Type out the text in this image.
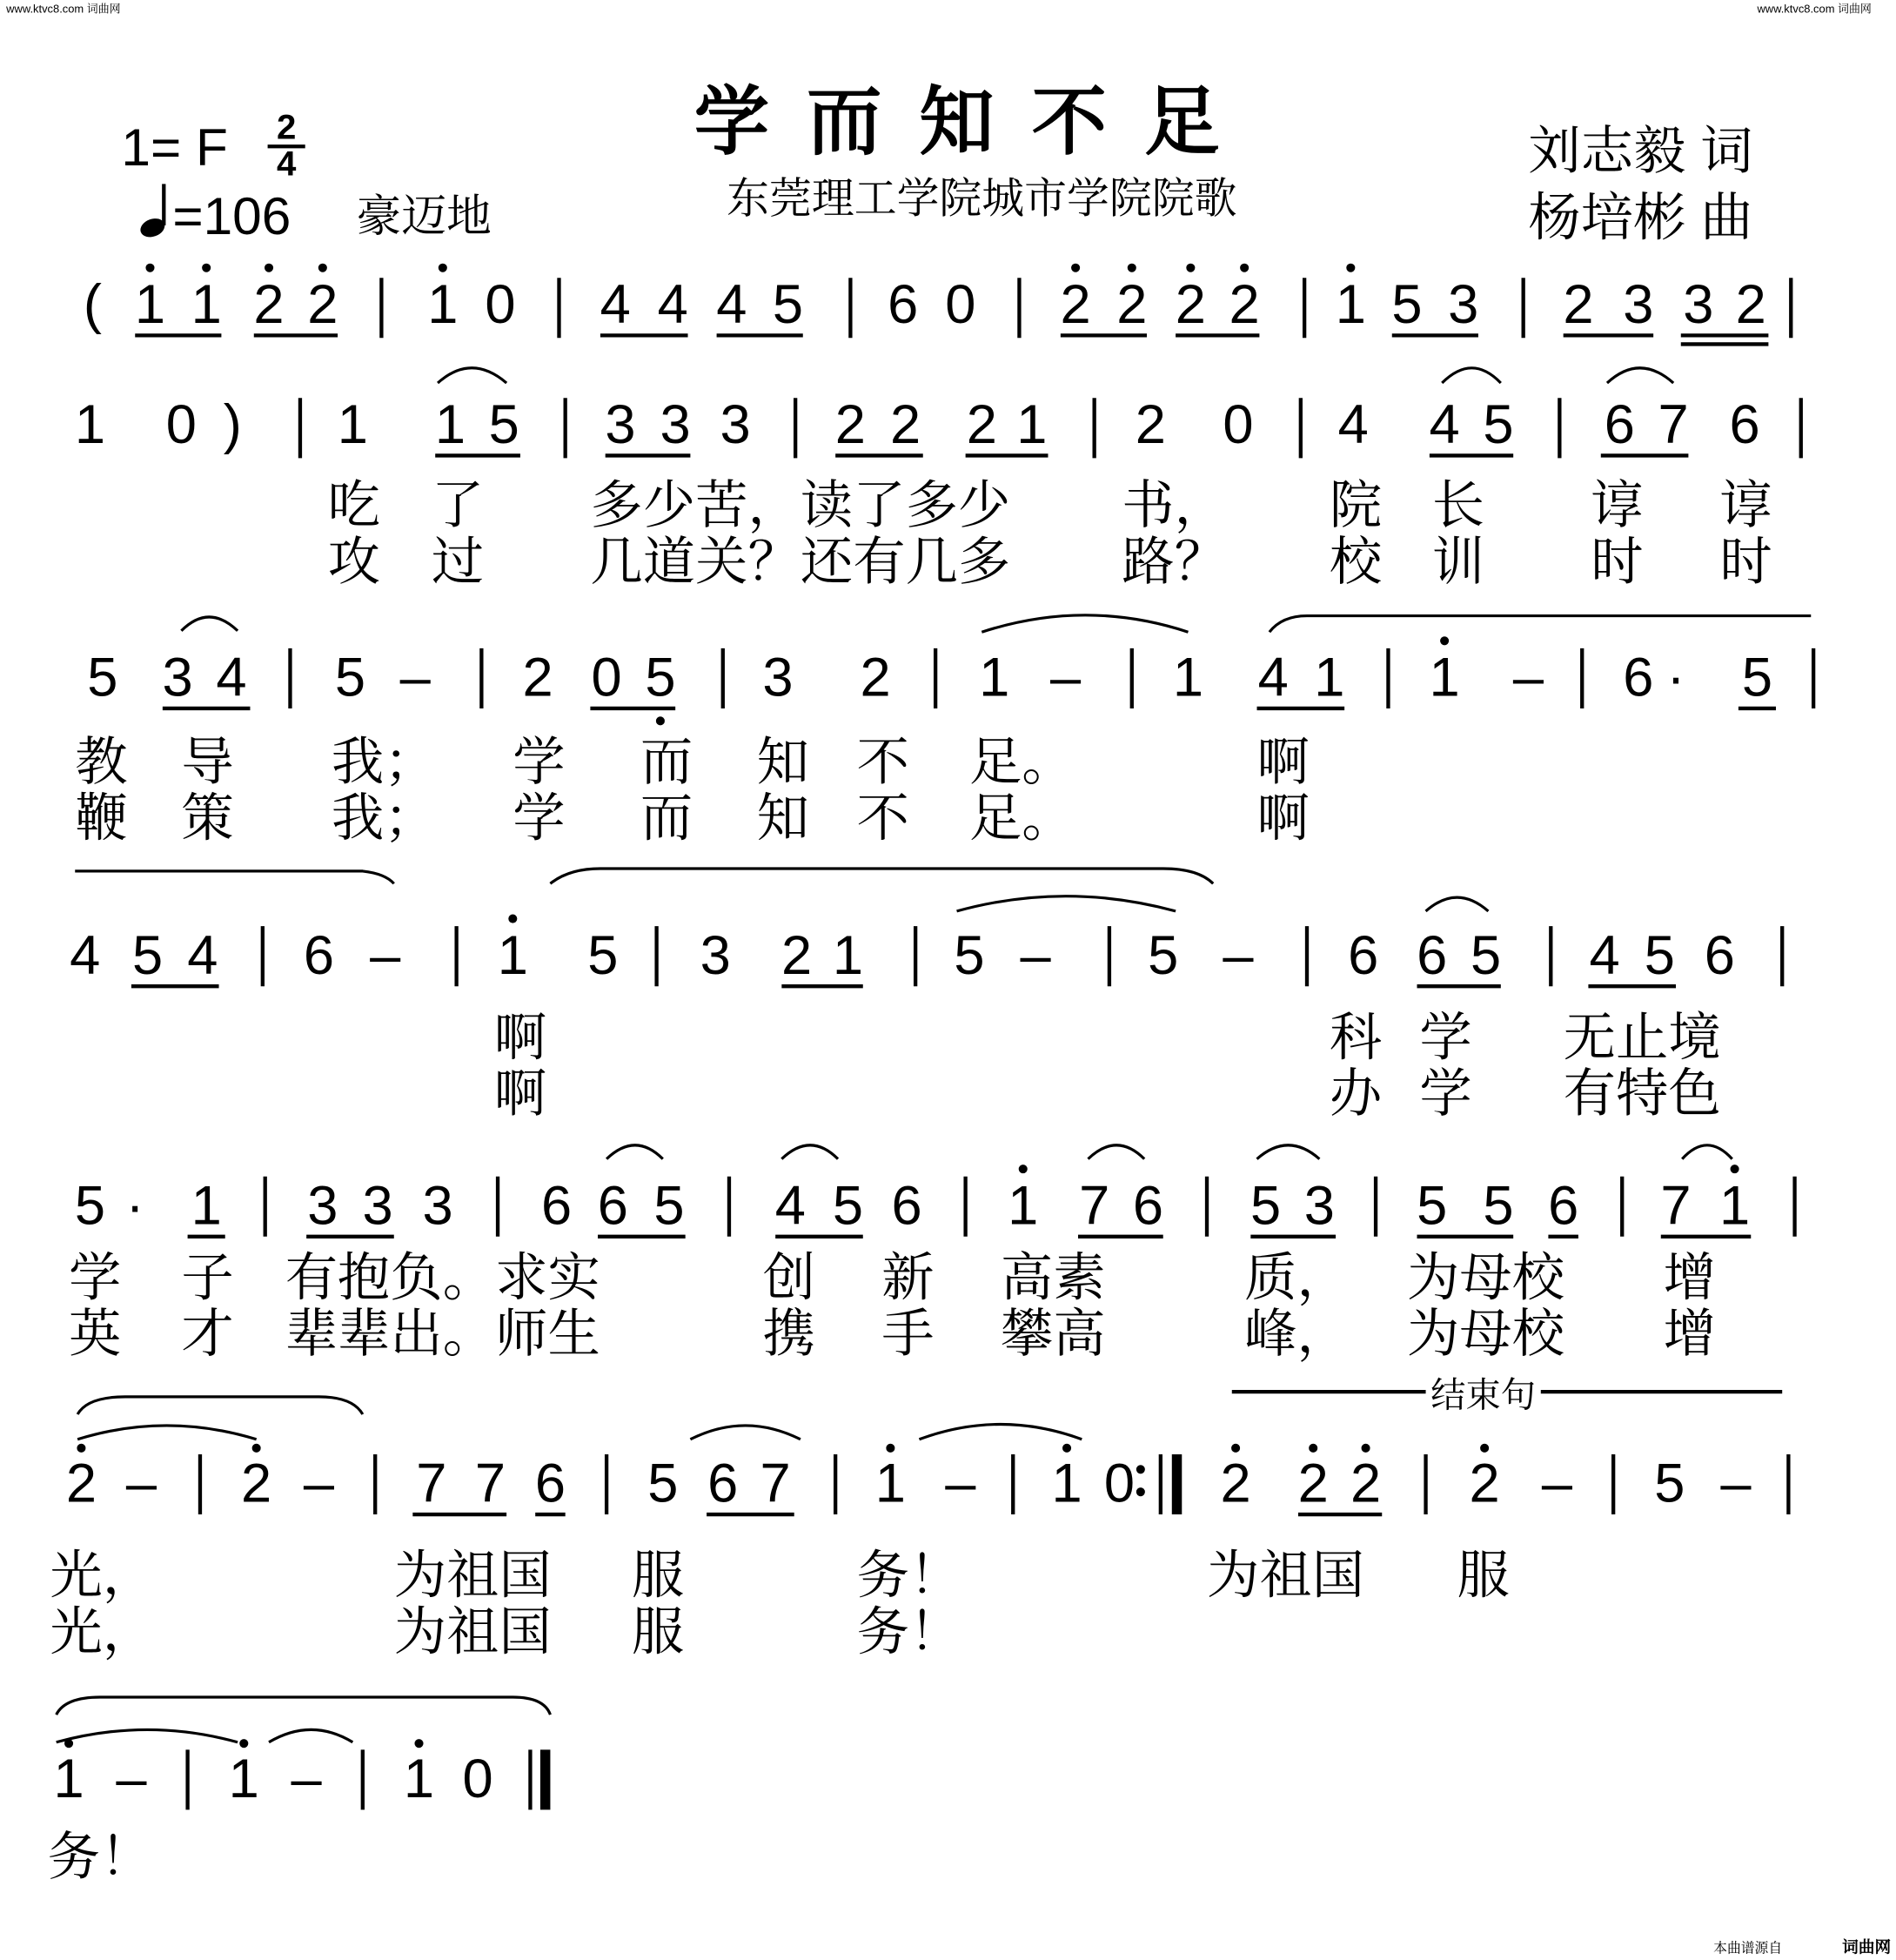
www.ktvc8.com 词曲网	www.ktvc8.com 词曲网
学而知不足
东莞理工学院城市学院院歌
1= F 2
4
=106 豪迈地
刘志毅 词
杨培彬 曲
( 1 1 2 2 1 0 4 4 4 5 6 0 2 2 2 2 1 5 3 2 3 3 2
1 0 ) 1 1 5 3 3 3 2 2 2 1 2 0 4 4 5 6 7 6
吃 了	多少苦，读了多少	书，	院 长	谆 谆
攻 过	几道关？还有几多	路？	校 训	时 时
5 3 4 5 – 2 0 5 3 2 1 – 1 4 1 1 – 6 · 5
教 导	我； 学 而 知 不 足。	啊
鞭 策	我； 学 而 知 不 足。	啊
4 5 4 6 –	1 5 3 2 1 5 –	5 – 6 6 5 4 5 6
啊	科 学 无止境
啊	办 学 有特色
5 · 1 3 3 3 6 6 5 4 5 6 1 7 6 5 3 5 5 6 7 1
学 子 有抱负。求实	创 新 高素	质， 为母校	增
英 才 辈辈出。师生	携 手 攀高	峰， 为母校	增
2 – 2 – 7 7 6 5 6 7 1 – 1 0 2 2 2 2 – 5 –
结束句
光，	为祖国 服	务！	为祖国	服
光，	为祖国 服	务！
1 – 1 – 1 0
务！
本曲谱源自	词曲网
